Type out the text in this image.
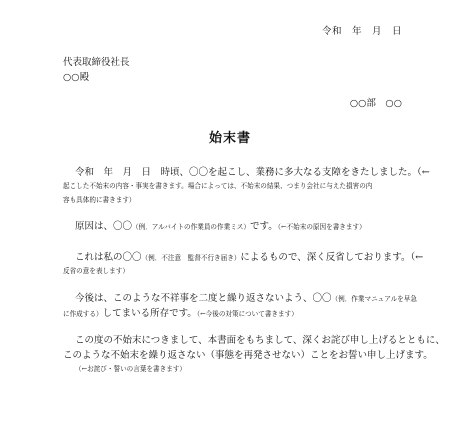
令和　年　月　日
代表取締役社長
○○殿
○○部　○○
始末書
令和　年　月　日　時頃、〇〇を起こし、業務に多大なる支障をきたしました。（←
起こした不始末の内容・事実を書きます。場合によっては、不始末の結果、つまり会社に与えた損害の内
容も具体的に書きます）
原因は、〇〇（例．アルバイトの作業員の作業ミス）です。（←不始末の原因を書きます）
これは私の〇〇（例．不注意　監督不行き届き）によるもので、深く反省しております。（←
反省の意を表します）
今後は、このような不祥事を二度と繰り返さないよう、〇〇（例．作業マニュアルを早急
に作成する）してまいる所存です。（←今後の対策について書きます）
この度の不始末につきまして、本書面をもちまして、深くお詫び申し上げるとともに、
このような不始末を繰り返さない（事態を再発させない）ことをお誓い申し上げます。
（←お詫び・誓いの言葉を書きます）
